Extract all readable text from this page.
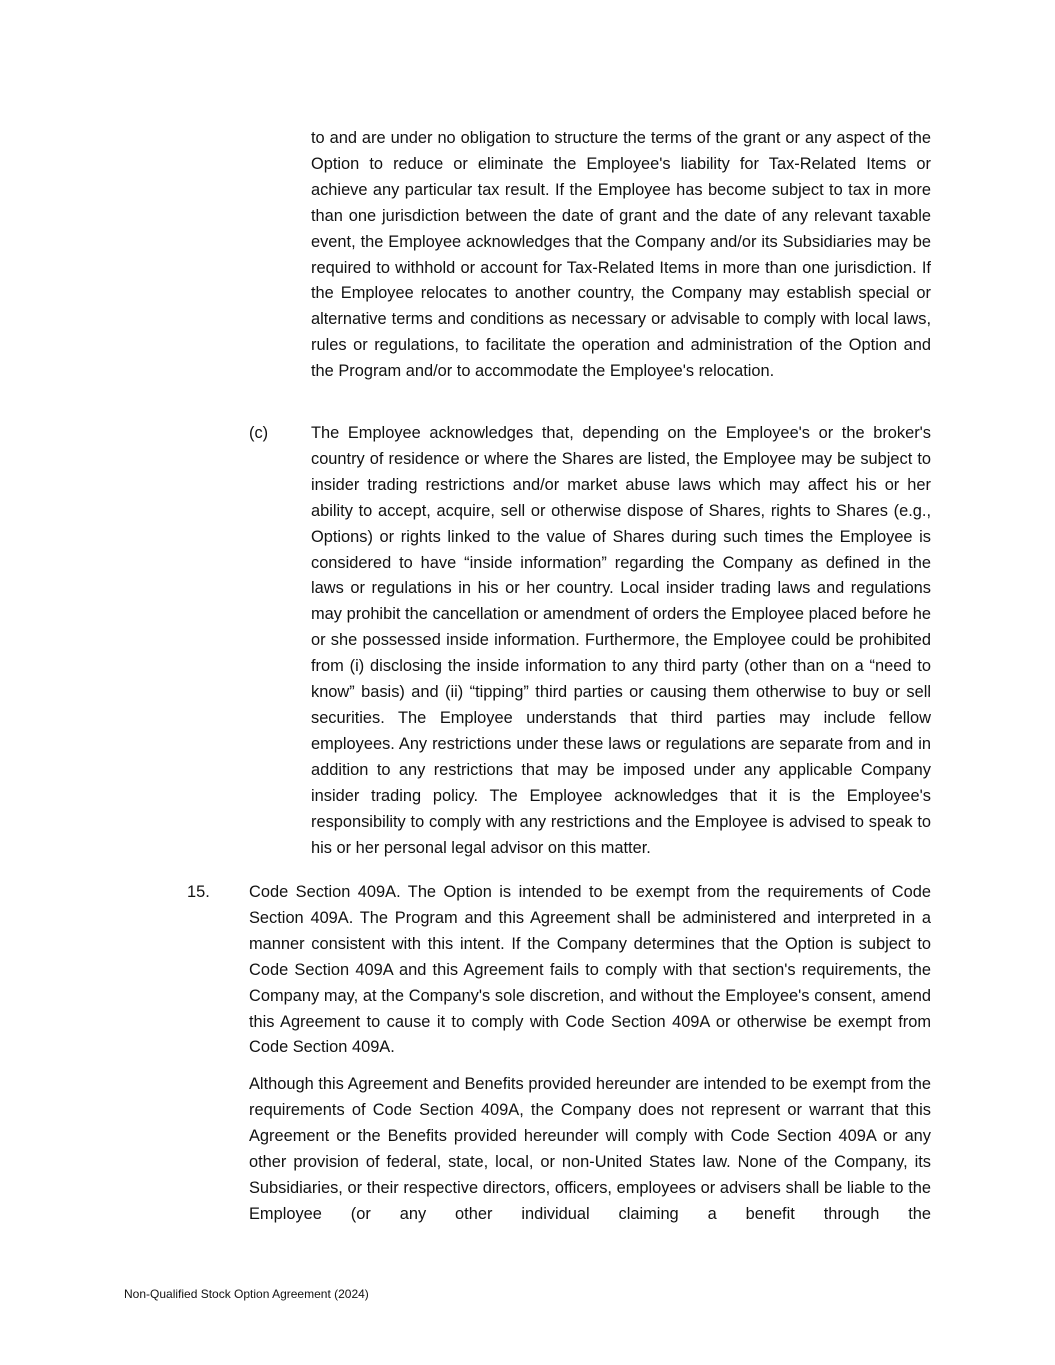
to and are under no obligation to structure the terms of the grant or any aspect of the Option to reduce or eliminate the Employee's liability for Tax-Related Items or achieve any particular tax result. If the Employee has become subject to tax in more than one jurisdiction between the date of grant and the date of any relevant taxable event, the Employee acknowledges that the Company and/or its Subsidiaries may be required to withhold or account for Tax-Related Items in more than one jurisdiction. If the Employee relocates to another country, the Company may establish special or alternative terms and conditions as necessary or advisable to comply with local laws, rules or regulations, to facilitate the operation and administration of the Option and the Program and/or to accommodate the Employee's relocation.

(c)	The Employee acknowledges that, depending on the Employee's or the broker's country of residence or where the Shares are listed, the Employee may be subject to insider trading restrictions and/or market abuse laws which may affect his or her ability to accept, acquire, sell or otherwise dispose of Shares, rights to Shares (e.g., Options) or rights linked to the value of Shares during such times the Employee is considered to have “inside information” regarding the Company as defined in the laws or regulations in his or her country. Local insider trading laws and regulations may prohibit the cancellation or amendment of orders the Employee placed before he or she possessed inside information. Furthermore, the Employee could be prohibited from (i) disclosing the inside information to any third party (other than on a “need to know” basis) and (ii) “tipping” third parties or causing them otherwise to buy or sell securities. The Employee understands that third parties may include fellow employees. Any restrictions under these laws or regulations are separate from and in addition to any restrictions that may be imposed under any applicable Company insider trading policy. The Employee acknowledges that it is the Employee's responsibility to comply with any restrictions and the Employee is advised to speak to his or her personal legal advisor on this matter.

15. Code Section 409A. The Option is intended to be exempt from the requirements of Code Section 409A. The Program and this Agreement shall be administered and interpreted in a manner consistent with this intent. If the Company determines that the Option is subject to Code Section 409A and this Agreement fails to comply with that section's requirements, the Company may, at the Company's sole discretion, and without the Employee's consent, amend this Agreement to cause it to comply with Code Section 409A or otherwise be exempt from Code Section 409A.

Although this Agreement and Benefits provided hereunder are intended to be exempt from the requirements of Code Section 409A, the Company does not represent or warrant that this Agreement or the Benefits provided hereunder will comply with Code Section 409A or any other provision of federal, state, local, or non-United States law. None of the Company, its Subsidiaries, or their respective directors, officers, employees or advisers shall be liable to the Employee (or any other individual claiming a benefit through the

Non-Qualified Stock Option Agreement (2024)
